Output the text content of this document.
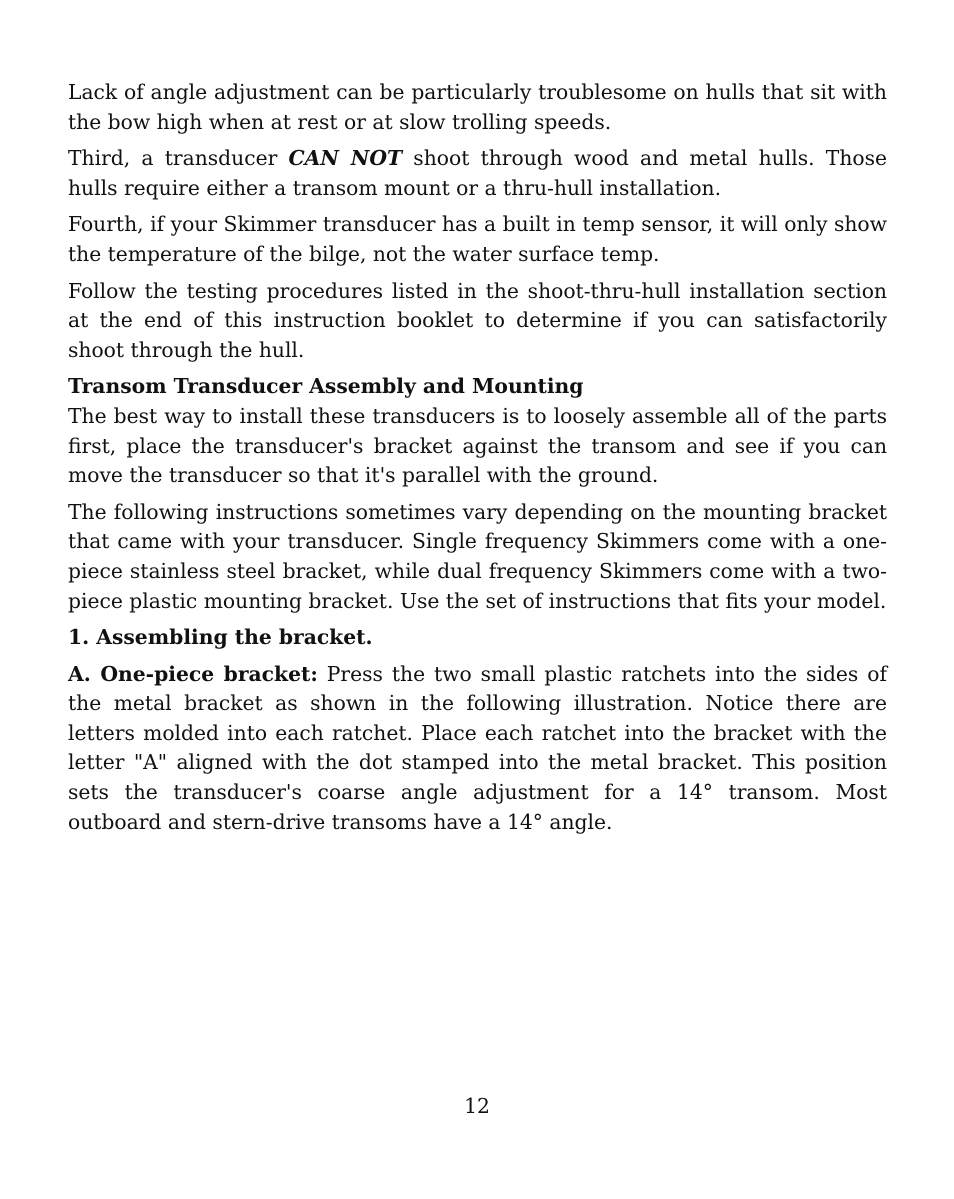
Lack of angle adjustment can be particularly troublesome on hulls that sit with the bow high when at rest or at slow trolling speeds.

Third, a transducer CAN NOT shoot through wood and metal hulls. Those hulls require either a transom mount or a thru-hull installation.

Fourth, if your Skimmer transducer has a built in temp sensor, it will only show the temperature of the bilge, not the water surface temp.

Follow the testing procedures listed in the shoot-thru-hull installation section at the end of this instruction booklet to determine if you can satisfactorily shoot through the hull.

Transom Transducer Assembly and Mounting

The best way to install these transducers is to loosely assemble all of the parts first, place the transducer's bracket against the transom and see if you can move the transducer so that it's parallel with the ground.

The following instructions sometimes vary depending on the mounting bracket that came with your transducer. Single frequency Skimmers come with a one-piece stainless steel bracket, while dual frequency Skimmers come with a two-piece plastic mounting bracket. Use the set of instructions that fits your model.

1. Assembling the bracket.

A. One-piece bracket: Press the two small plastic ratchets into the sides of the metal bracket as shown in the following illustration. Notice there are letters molded into each ratchet. Place each ratchet into the bracket with the letter "A" aligned with the dot stamped into the metal bracket. This position sets the transducer's coarse angle adjustment for a 14° transom. Most outboard and stern-drive transoms have a 14° angle.

12
